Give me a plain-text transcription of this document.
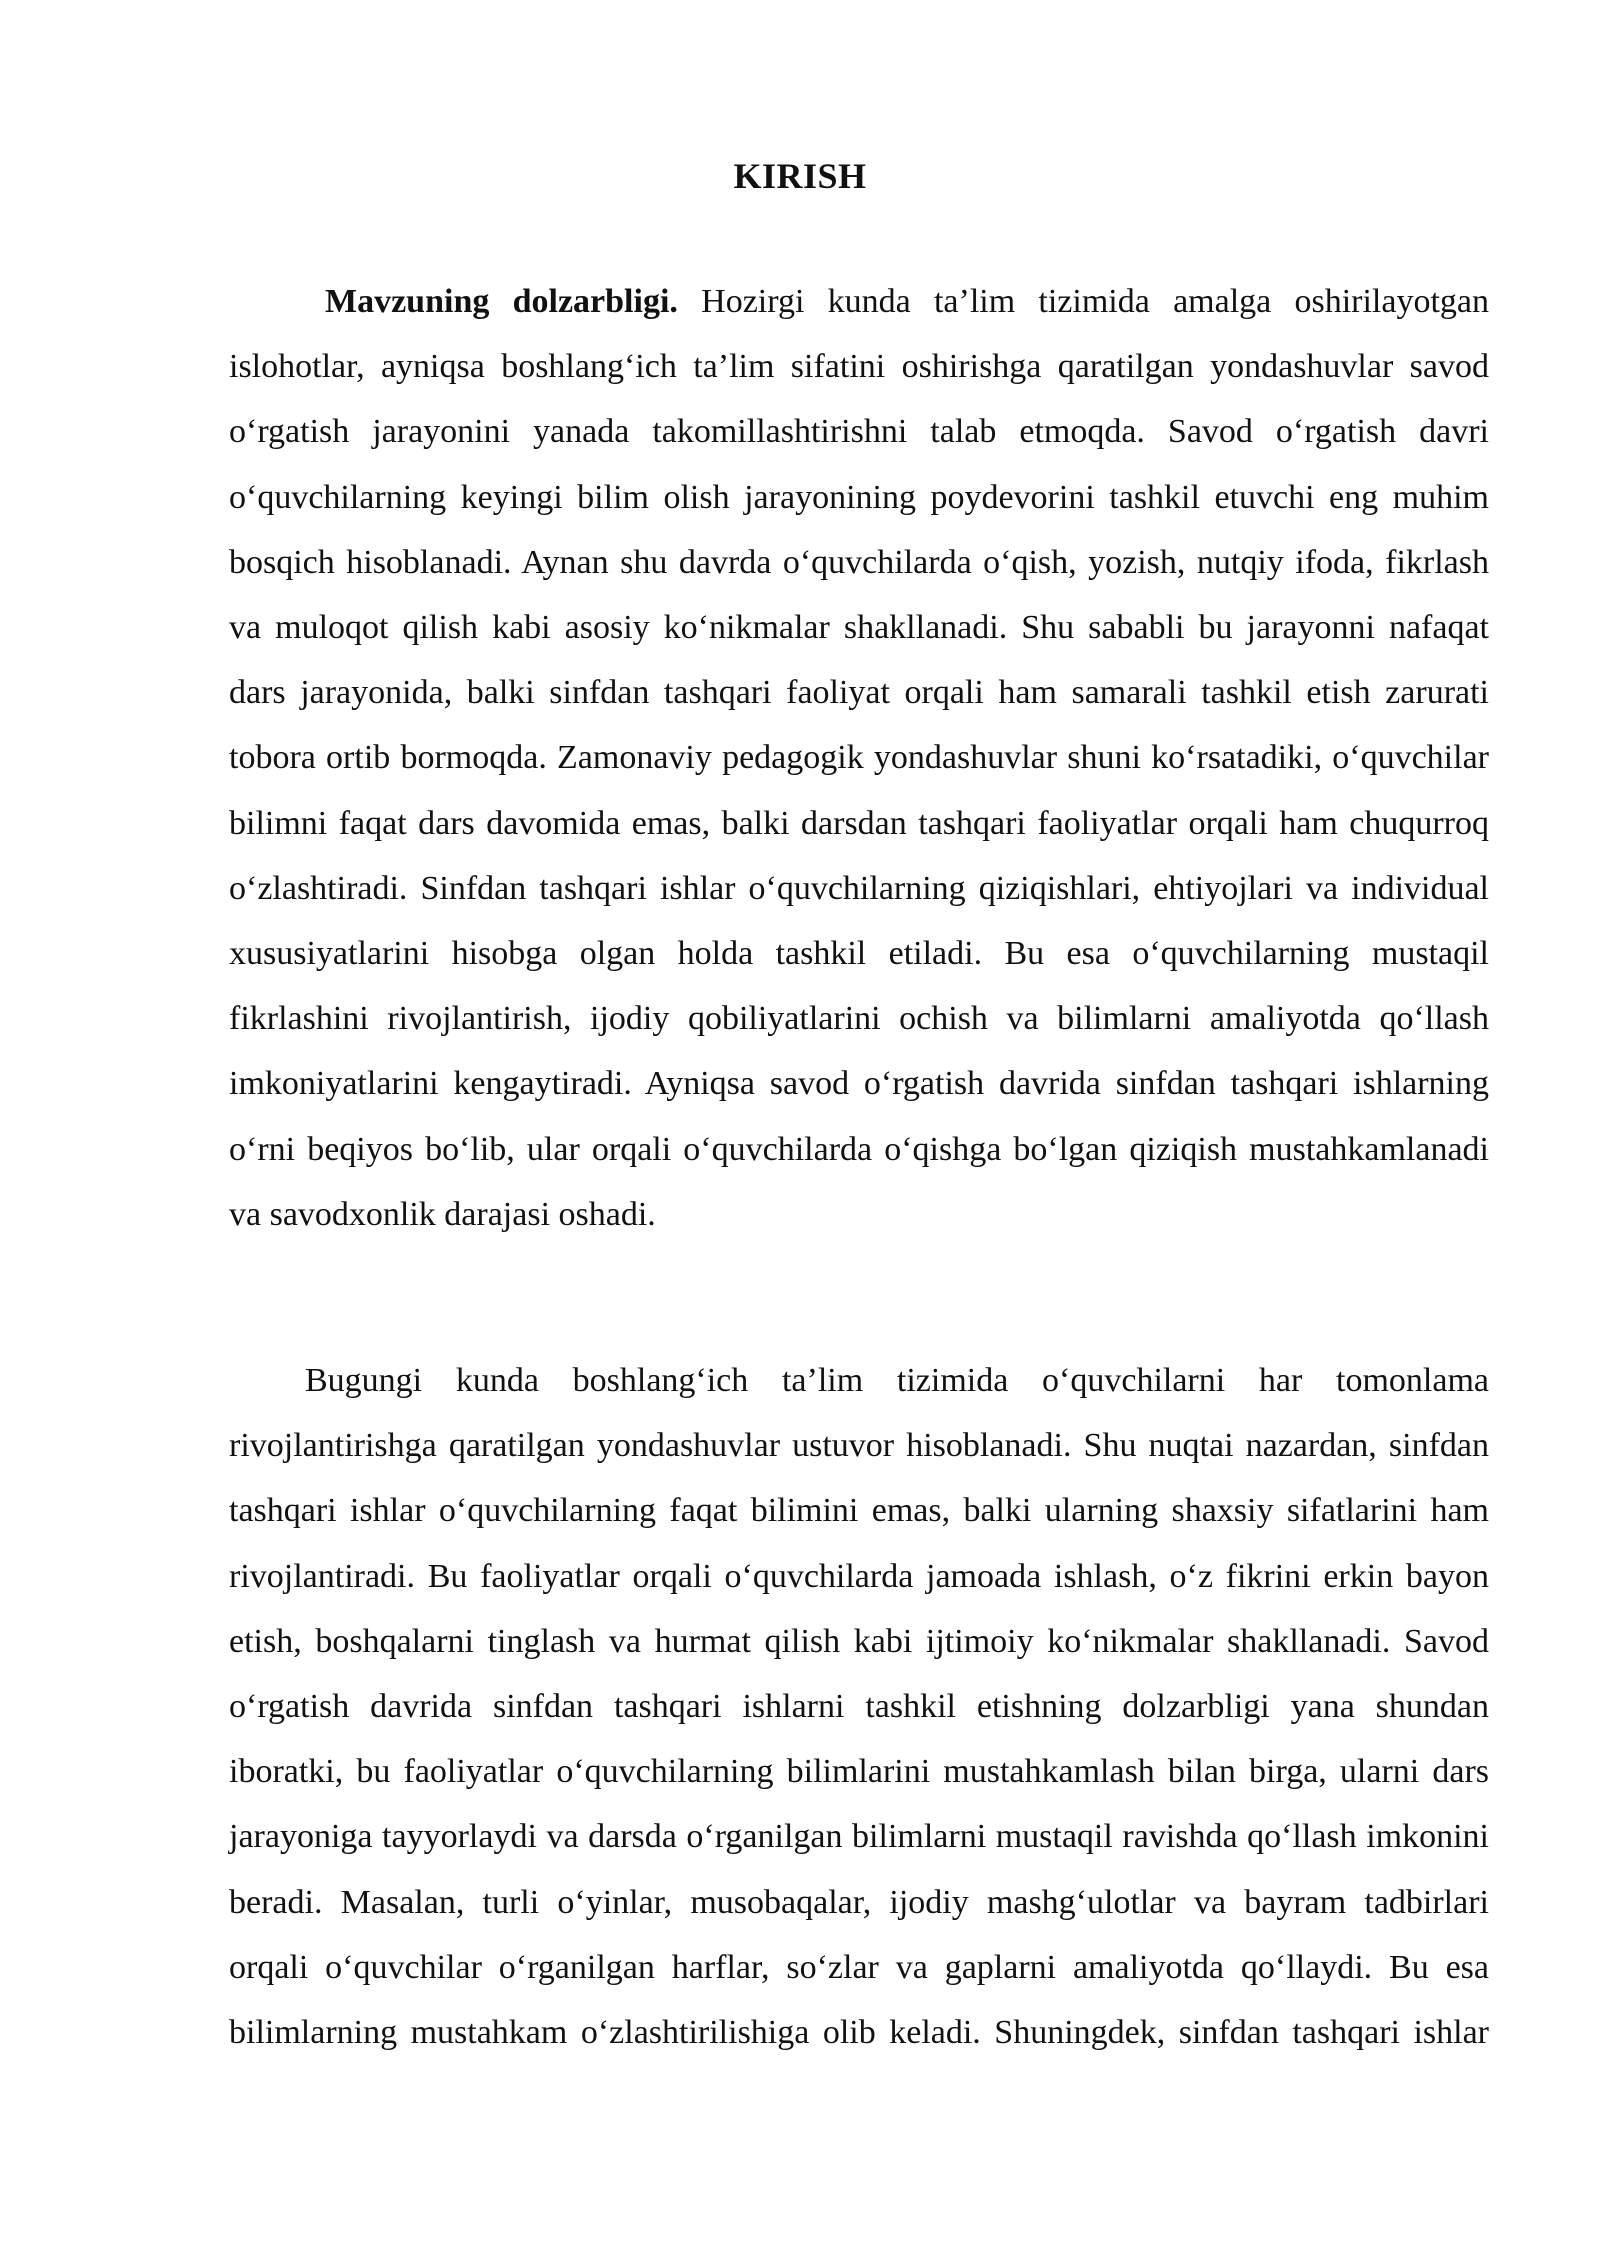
KIRISH

Mavzuning dolzarbligi. Hozirgi kunda ta’lim tizimida amalga oshirilayotgan islohotlar, ayniqsa boshlang‘ich ta’lim sifatini oshirishga qaratilgan yondashuvlar savod o‘rgatish jarayonini yanada takomillashtirishni talab etmoqda. Savod o‘rgatish davri o‘quvchilarning keyingi bilim olish jarayonining poydevorini tashkil etuvchi eng muhim bosqich hisoblanadi. Aynan shu davrda o‘quvchilarda o‘qish, yozish, nutqiy ifoda, fikrlash va muloqot qilish kabi asosiy ko‘nikmalar shakllanadi. Shu sababli bu jarayonni nafaqat dars jarayonida, balki sinfdan tashqari faoliyat orqali ham samarali tashkil etish zarurati tobora ortib bormoqda. Zamonaviy pedagogik yondashuvlar shuni ko‘rsatadiki, o‘quvchilar bilimni faqat dars davomida emas, balki darsdan tashqari faoliyatlar orqali ham chuqurroq o‘zlashtiradi. Sinfdan tashqari ishlar o‘quvchilarning qiziqishlari, ehtiyojlari va individual xususiyatlarini hisobga olgan holda tashkil etiladi. Bu esa o‘quvchilarning mustaqil fikrlashini rivojlantirish, ijodiy qobiliyatlarini ochish va bilimlarni amaliyotda qo‘llash imkoniyatlarini kengaytiradi. Ayniqsa savod o‘rgatish davrida sinfdan tashqari ishlarning o‘rni beqiyos bo‘lib, ular orqali o‘quvchilarda o‘qishga bo‘lgan qiziqish mustahkamlanadi va savodxonlik darajasi oshadi.

Bugungi kunda boshlang‘ich ta’lim tizimida o‘quvchilarni har tomonlama rivojlantirishga qaratilgan yondashuvlar ustuvor hisoblanadi. Shu nuqtai nazardan, sinfdan tashqari ishlar o‘quvchilarning faqat bilimini emas, balki ularning shaxsiy sifatlarini ham rivojlantiradi. Bu faoliyatlar orqali o‘quvchilarda jamoada ishlash, o‘z fikrini erkin bayon etish, boshqalarni tinglash va hurmat qilish kabi ijtimoiy ko‘nikmalar shakllanadi. Savod o‘rgatish davrida sinfdan tashqari ishlarni tashkil etishning dolzarbligi yana shundan iboratki, bu faoliyatlar o‘quvchilarning bilimlarini mustahkamlash bilan birga, ularni dars jarayoniga tayyorlaydi va darsda o‘rganilgan bilimlarni mustaqil ravishda qo‘llash imkonini beradi. Masalan, turli o‘yinlar, musobaqalar, ijodiy mashg‘ulotlar va bayram tadbirlari orqali o‘quvchilar o‘rganilgan harflar, so‘zlar va gaplarni amaliyotda qo‘llaydi. Bu esa bilimlarning mustahkam o‘zlashtirilishiga olib keladi. Shuningdek, sinfdan tashqari ishlar
